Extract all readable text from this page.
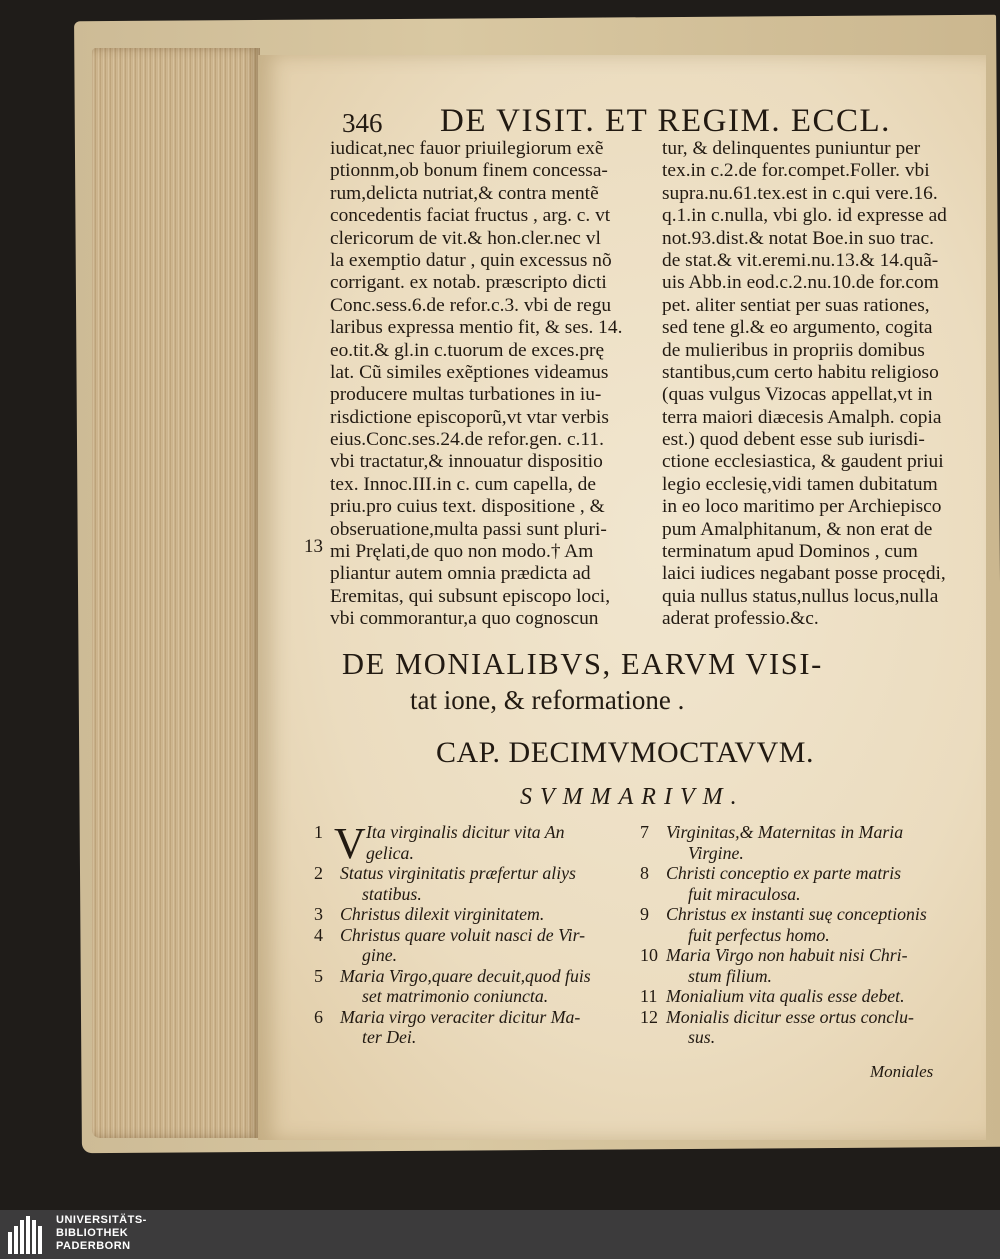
346 DE VISIT. ET REGIM. ECCL.
iudicat,nec fauor priuilegiorum exẽ
ptionnm,ob bonum finem concessa-
rum,delicta nutriat,& contra mentẽ
concedentis faciat fructus , arg. c. vt
clericorum de vit.& hon.cler.nec vl
la exemptio datur , quin excessus nõ
corrigant. ex notab. præscripto dicti
Conc.sess.6.de refor.c.3. vbi de regu
laribus expressa mentio fit, & ses. 14.
eo.tit.& gl.in c.tuorum de exces.prę
lat. Cũ similes exẽptiones videamus
producere multas turbationes in iu-
risdictione episcoporũ,vt vtar verbis
eius.Conc.ses.24.de refor.gen. c.11.
vbi tractatur,& innouatur dispositio
tex. Innoc.III.in c. cum capella, de
priu.pro cuius text. dispositione , &
obseruatione,multa passi sunt pluri-
mi Pręlati,de quo non modo.† Am
pliantur autem omnia prædicta ad
Eremitas, qui subsunt episcopo loci,
vbi commorantur,a quo cognoscun
tur, & delinquentes puniuntur per
tex.in c.2.de for.compet.Foller. vbi
supra.nu.61.tex.est in c.qui vere.16.
q.1.in c.nulla, vbi glo. id expresse ad
not.93.dist.& notat Boe.in suo trac.
de stat.& vit.eremi.nu.13.& 14.quã-
uis Abb.in eod.c.2.nu.10.de for.com
pet. aliter sentiat per suas rationes,
sed tene gl.& eo argumento, cogita
de mulieribus in propriis domibus
stantibus,cum certo habitu religioso
(quas vulgus Vizocas appellat,vt in
terra maiori diæcesis Amalph. copia
est.) quod debent esse sub iurisdi-
ctione ecclesiastica, & gaudent priui
legio ecclesię,vidi tamen dubitatum
in eo loco maritimo per Archiepisco
pum Amalphitanum, & non erat de
terminatum apud Dominos , cum
laici iudices negabant posse procędi,
quia nullus status,nullus locus,nulla
aderat professio.&c.
13
DE MONIALIBVS, EARVM VISI-
tat ione, & reformatione .
CAP. DECIMVMOCTAVVM.
SVMMARIVM.
1 V Ita virginalis dicitur vita An
gelica.
2 Status virginitatis præfertur aliys
statibus.
3 Christus dilexit virginitatem.
4 Christus quare voluit nasci de Vir-
gine.
5 Maria Virgo,quare decuit,quod fuis
set matrimonio coniuncta.
6 Maria virgo veraciter dicitur Ma-
ter Dei.
7 Virginitas,& Maternitas in Maria
Virgine.
8 Christi conceptio ex parte matris
fuit miraculosa.
9 Christus ex instanti suę conceptionis
fuit perfectus homo.
10 Maria Virgo non habuit nisi Chri-
stum filium.
11 Monialium vita qualis esse debet.
12 Monialis dicitur esse ortus conclu-
sus.
Moniales
UNIVERSITÄTS-
BIBLIOTHEK
PADERBORN
